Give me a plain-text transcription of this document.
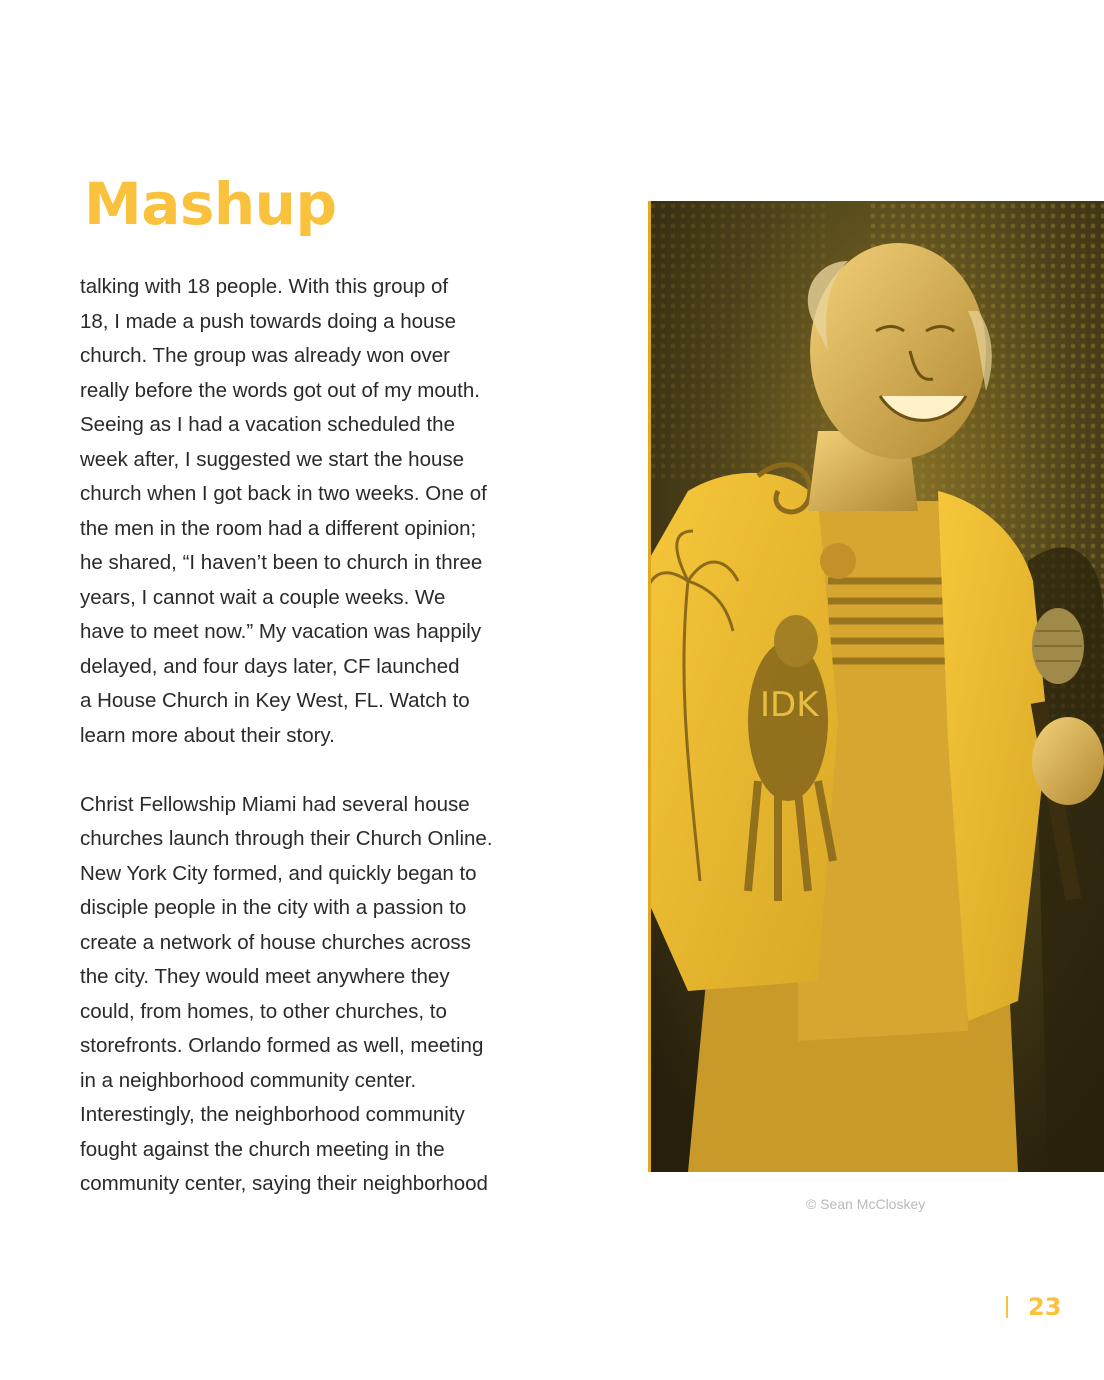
Mashup
talking with 18 people. With this group of
18, I made a push towards doing a house
church. The group was already won over
really before the words got out of my mouth.
Seeing as I had a vacation scheduled the
week after, I suggested we start the house
church when I got back in two weeks. One of
the men in the room had a different opinion;
he shared, “I haven’t been to church in three
years, I cannot wait a couple weeks. We
have to meet now.” My vacation was happily
delayed, and four days later, CF launched
a House Church in Key West, FL. Watch to
learn more about their story.
Christ Fellowship Miami had several house
churches launch through their Church Online.
New York City formed, and quickly began to
disciple people in the city with a passion to
create a network of house churches across
the city. They would meet anywhere they
could, from homes, to other churches, to
storefronts. Orlando formed as well, meeting
in a neighborhood community center.
Interestingly, the neighborhood community
fought against the church meeting in the
community center, saying their neighborhood
IDK
© Sean McCloskey
23
